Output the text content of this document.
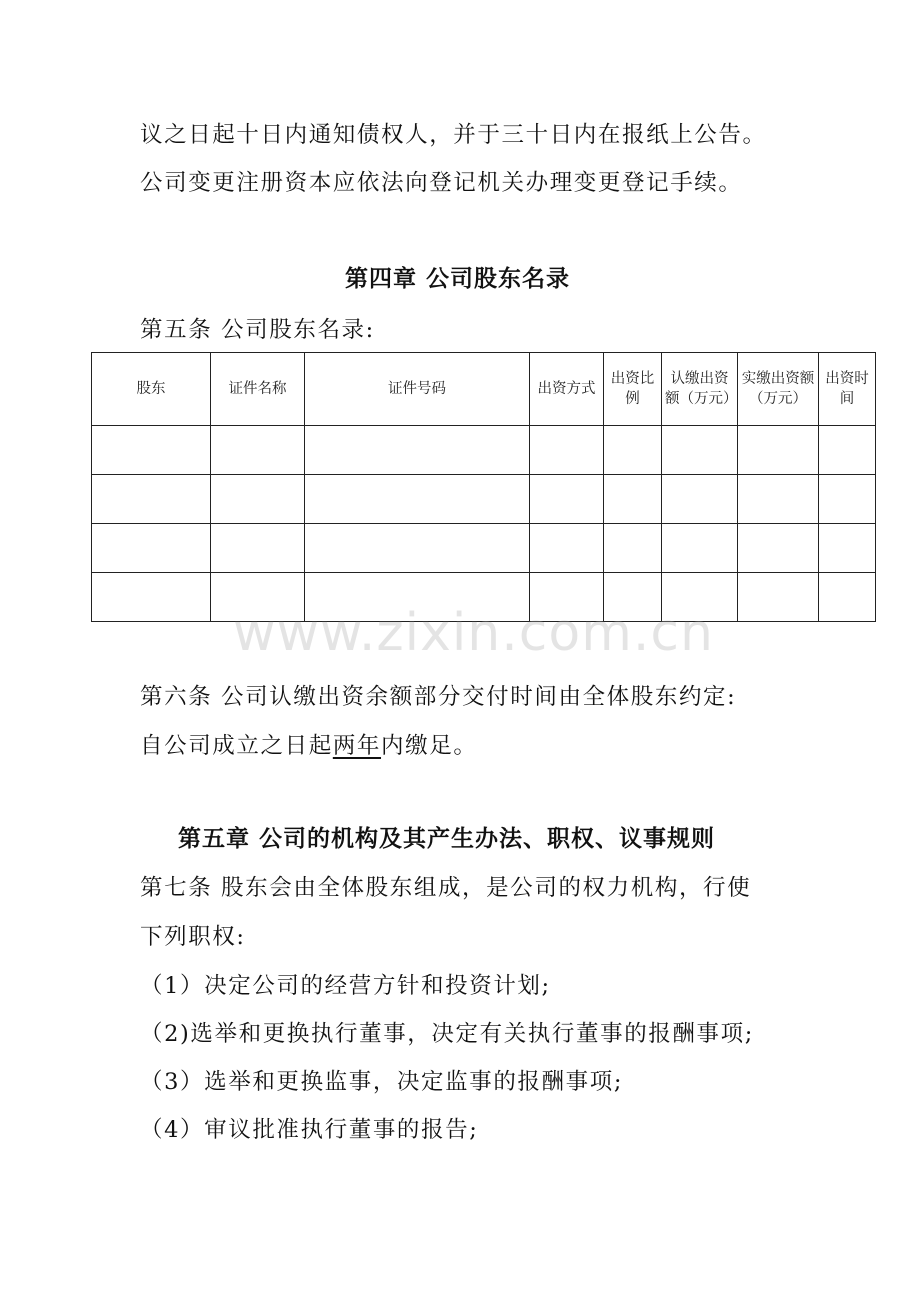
议之日起十日内通知债权人，并于三十日内在报纸上公告。
公司变更注册资本应依法向登记机关办理变更登记手续。
第四章 公司股东名录
第五条 公司股东名录:
股东	证件名称	证件号码	出资方式	出资比例	认缴出资额（万元）	实缴出资额（万元）	出资时间

www.zixin.com.cn
第六条 公司认缴出资余额部分交付时间由全体股东约定:
自公司成立之日起两年内缴足。
第五章 公司的机构及其产生办法、职权、议事规则
第七条 股东会由全体股东组成，是公司的权力机构，行使
下列职权:
（1）决定公司的经营方针和投资计划;
（2)选举和更换执行董事，决定有关执行董事的报酬事项;
（3）选举和更换监事，决定监事的报酬事项;
（4）审议批准执行董事的报告;
